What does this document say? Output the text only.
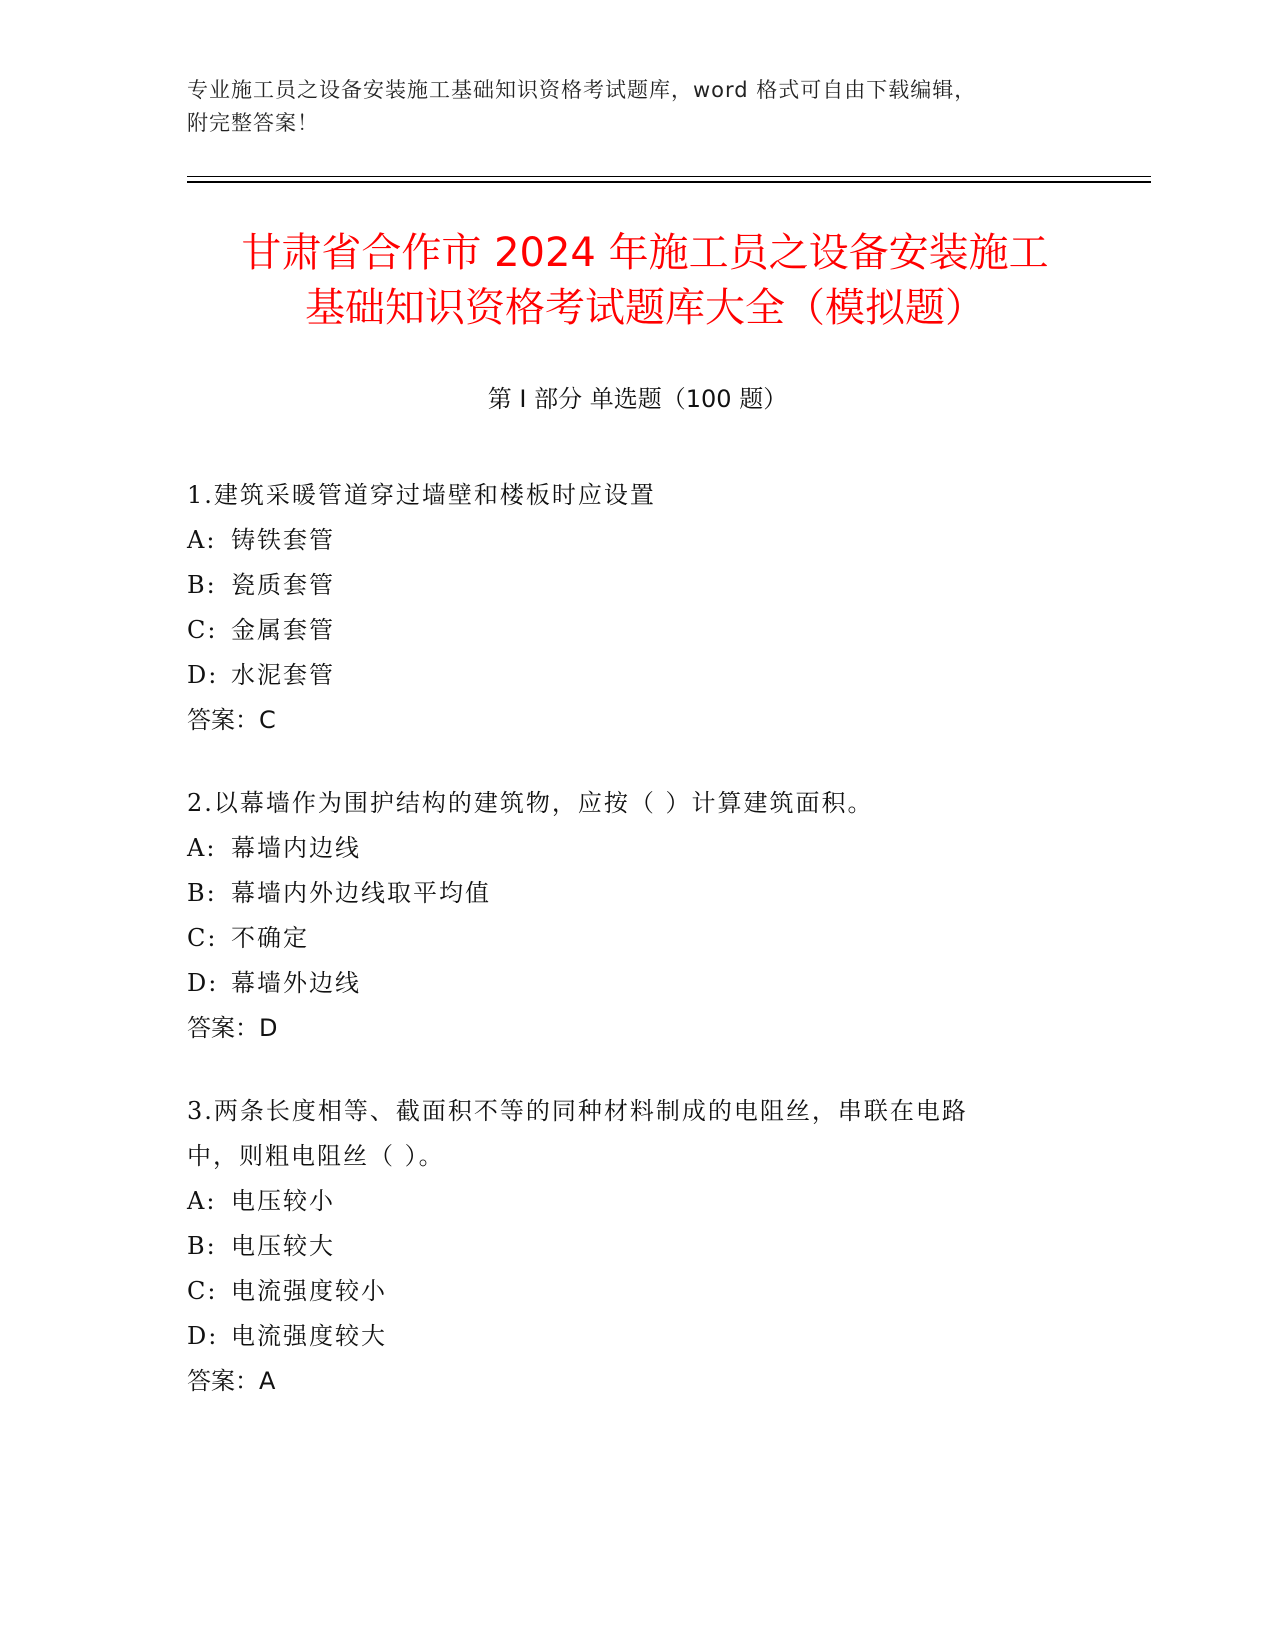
专业施工员之设备安装施工基础知识资格考试题库，word 格式可自由下载编辑，
附完整答案！
甘肃省合作市 2024 年施工员之设备安装施工
基础知识资格考试题库大全（模拟题）
第 I 部分 单选题（100 题）
1.建筑采暖管道穿过墙壁和楼板时应设置
A: 铸铁套管
B: 瓷质套管
C: 金属套管
D: 水泥套管
答案：C
2.以幕墙作为围护结构的建筑物，应按（ ）计算建筑面积。
A: 幕墙内边线
B: 幕墙内外边线取平均值
C: 不确定
D: 幕墙外边线
答案：D
3.两条长度相等、截面积不等的同种材料制成的电阻丝，串联在电路
中，则粗电阻丝（ ）。
A: 电压较小
B: 电压较大
C: 电流强度较小
D: 电流强度较大
答案：A
